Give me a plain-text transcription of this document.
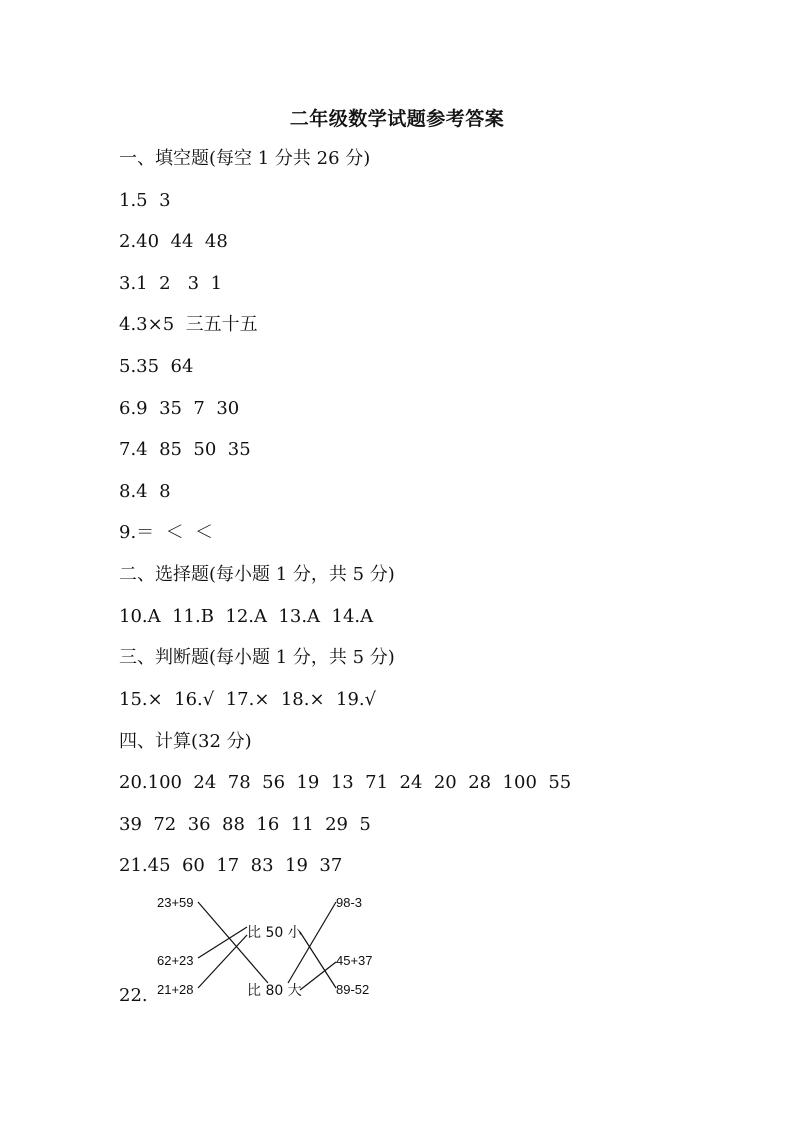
二年级数学试题参考答案
一、填空题(每空 1 分共 26 分)
1.5  3
2.40  44  48
3.1  2   3  1
4.3×5  三五十五
5.35  64
6.9  35  7  30
7.4  85  50  35
8.4  8
9.＝  ＜  ＜
二、选择题(每小题 1 分，共 5 分)
10.A  11.B  12.A  13.A  14.A
三、判断题(每小题 1 分，共 5 分)
15.×  16.√  17.×  18.×  19.√
四、计算(32 分)
20.100  24  78  56  19  13  71  24  20  28  100  55
39  72  36  88  16  11  29  5
21.45  60  17  83  19  37
23+59
62+23
21+28
比 50 小
比 80 大
98-3
45+37
89-52
22.
